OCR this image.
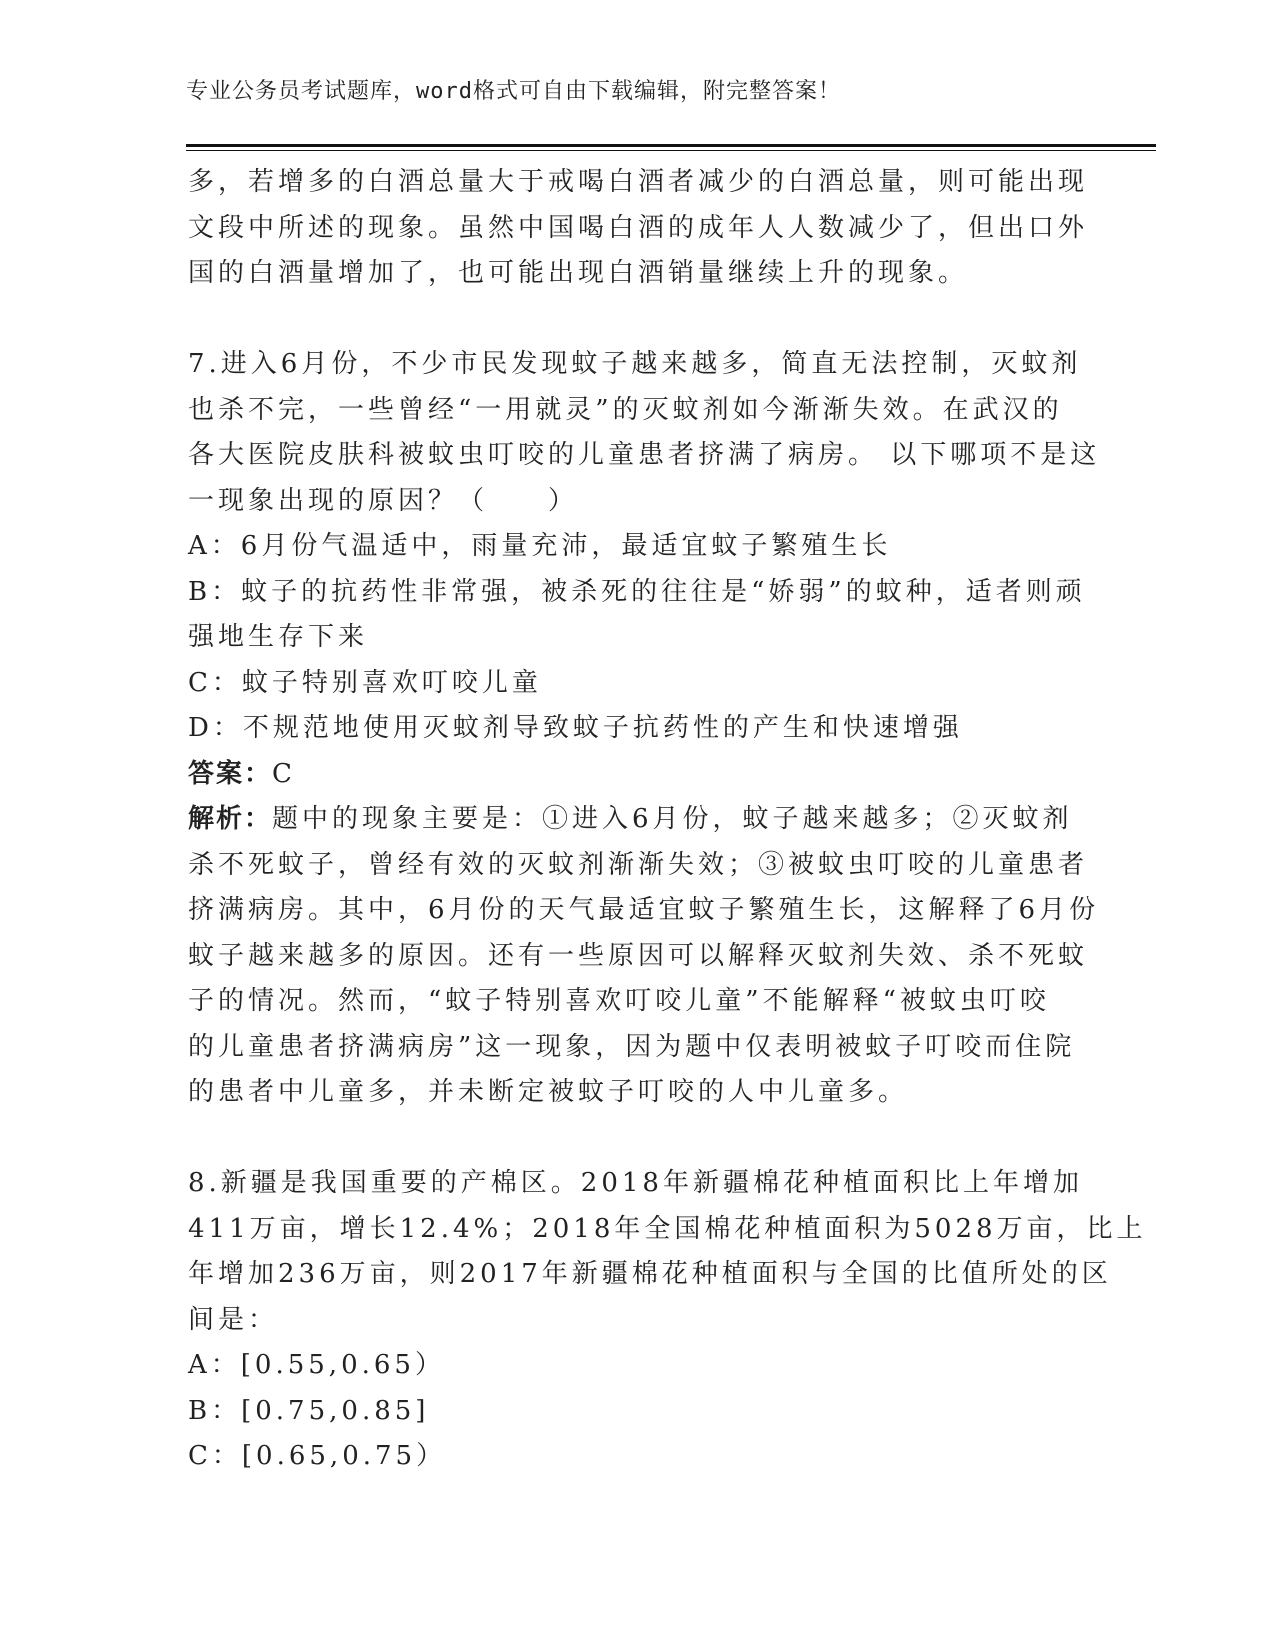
专业公务员考试题库，word格式可自由下载编辑，附完整答案！
多，若增多的白酒总量大于戒喝白酒者减少的白酒总量，则可能出现
文段中所述的现象。虽然中国喝白酒的成年人人数减少了，但出口外
国的白酒量增加了，也可能出现白酒销量继续上升的现象。
7.进入6月份，不少市民发现蚊子越来越多，简直无法控制，灭蚊剂
也杀不完，一些曾经“一用就灵”的灭蚊剂如今渐渐失效。在武汉的
各大医院皮肤科被蚊虫叮咬的儿童患者挤满了病房。 以下哪项不是这
一现象出现的原因？（　　）
A：6月份气温适中，雨量充沛，最适宜蚊子繁殖生长
B：蚊子的抗药性非常强，被杀死的往往是“娇弱”的蚊种，适者则顽
强地生存下来
C：蚊子特别喜欢叮咬儿童
D：不规范地使用灭蚊剂导致蚊子抗药性的产生和快速增强
答案：C
解析：题中的现象主要是：①进入6月份，蚊子越来越多；②灭蚊剂
杀不死蚊子，曾经有效的灭蚊剂渐渐失效；③被蚊虫叮咬的儿童患者
挤满病房。其中，6月份的天气最适宜蚊子繁殖生长，这解释了6月份
蚊子越来越多的原因。还有一些原因可以解释灭蚊剂失效、杀不死蚊
子的情况。然而，“蚊子特别喜欢叮咬儿童”不能解释“被蚊虫叮咬
的儿童患者挤满病房”这一现象，因为题中仅表明被蚊子叮咬而住院
的患者中儿童多，并未断定被蚊子叮咬的人中儿童多。
8.新疆是我国重要的产棉区。2018年新疆棉花种植面积比上年增加
411万亩，增长12.4%；2018年全国棉花种植面积为5028万亩，比上
年增加236万亩，则2017年新疆棉花种植面积与全国的比值所处的区
间是：
A：[0.55,0.65）
B：[0.75,0.85]
C：[0.65,0.75）
